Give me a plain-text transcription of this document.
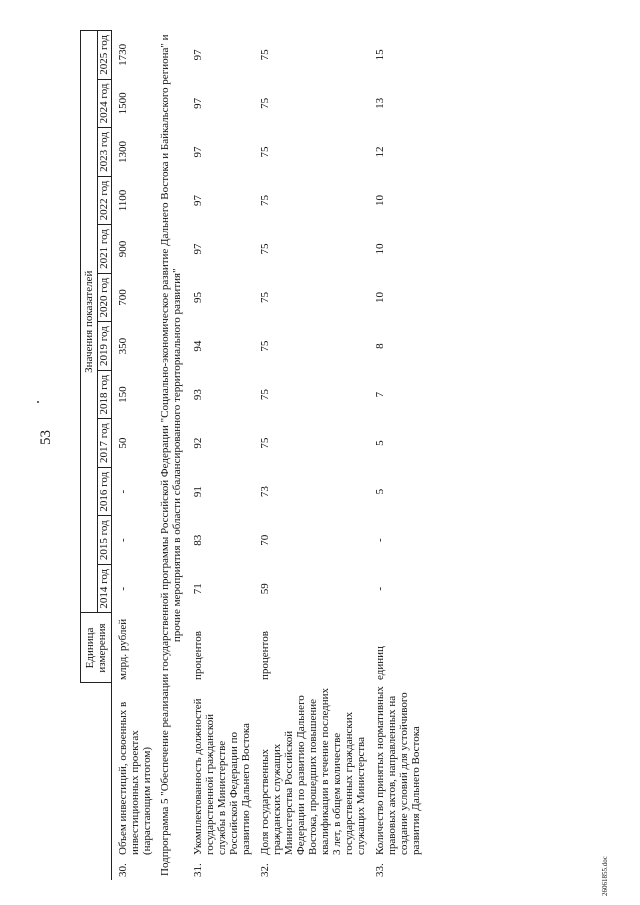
53
26061855.doc
		Единица измерения	Значения показателей											
			2014 год	2015 год	2016 год	2017 год	2018 год	2019 год	2020 год	2021 год	2022 год	2023 год	2024 год	2025 год
30.	Объем инвестиций, освоенных в инвестиционных проектах (нарастающим итогом)	млрд. рублей	-	-	-	50	150	350	700	900	1100	1300	1500	1730
Подпрограмма 5 "Обеспечение реализации государственной программы Российской Федерации "Социально-экономическое развитие Дальнего Востока и Байкальского региона" и прочие мероприятия в области сбалансированного территориального развития"														
31.	Укомплектованность должностей государственной гражданской службы в Министерстве Российской Федерации по развитию Дальнего Востока	процентов	71	83	91	92	93	94	95	97	97	97	97	97
32.	Доля государственных гражданских служащих Министерства Российской Федерации по развитию Дальнего Востока, прошедших повышение квалификации в течение последних 3 лет, в общем количестве государственных гражданских служащих Министерства	процентов	59	70	73	75	75	75	75	75	75	75	75	75
33.	Количество принятых нормативных правовых актов, направленных на создание условий для устойчивого развития Дальнего Востока	единиц	-	-	5	5	7	8	10	10	10	12	13	15
